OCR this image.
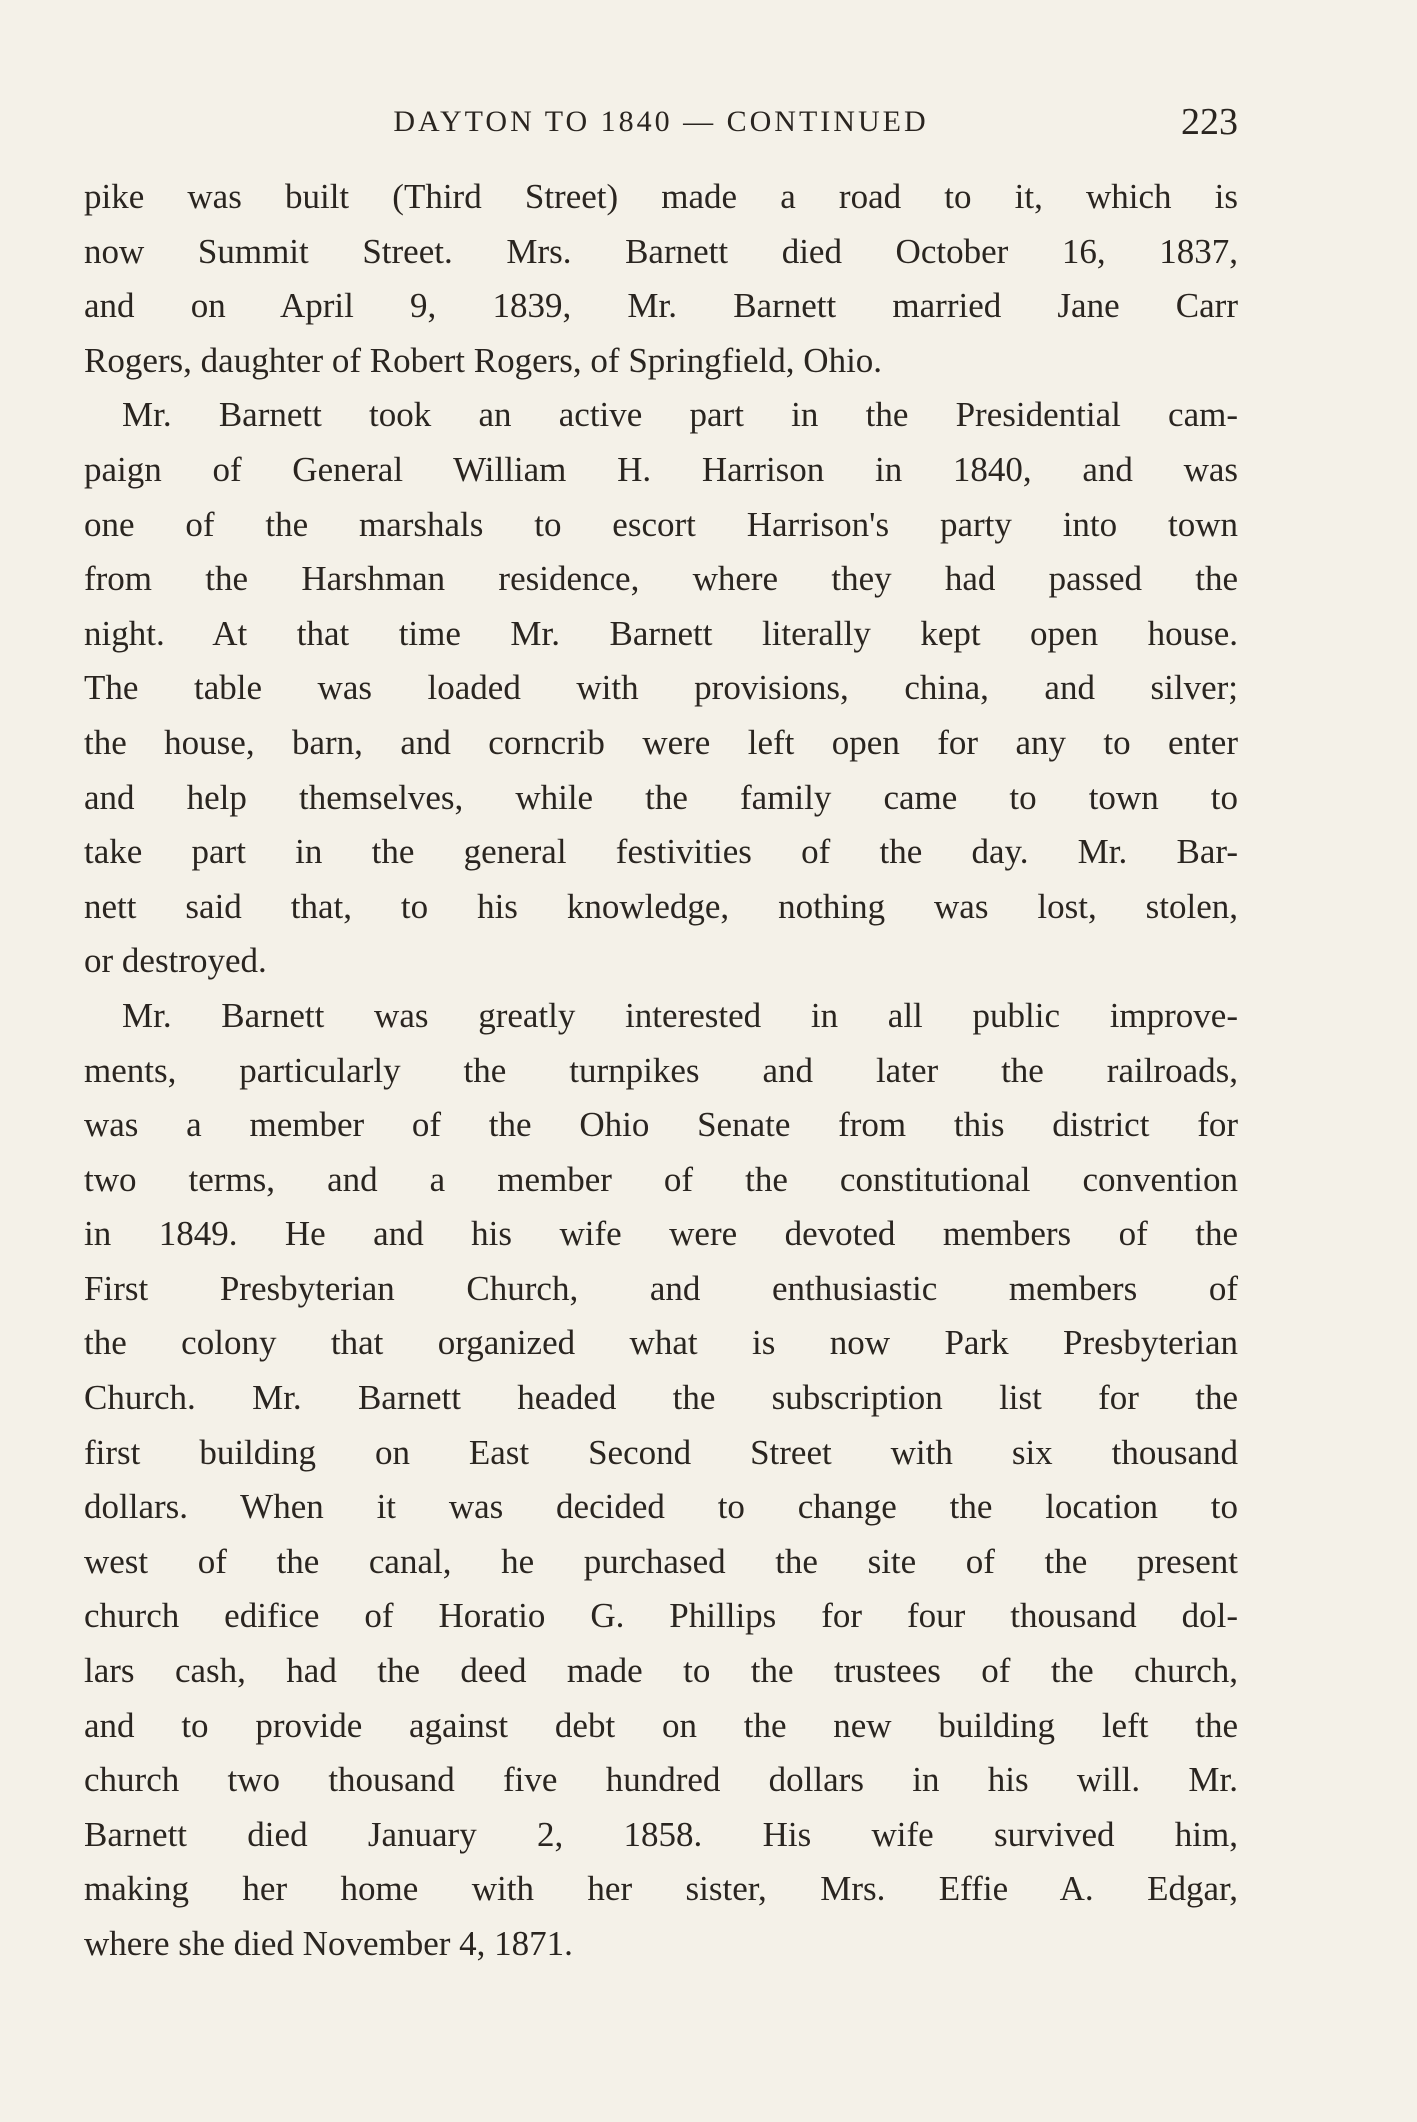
DAYTON TO 1840 — CONTINUED	223
pike was built (Third Street) made a road to it, which is
now Summit Street. Mrs. Barnett died October 16, 1837,
and on April 9, 1839, Mr. Barnett married Jane Carr
Rogers, daughter of Robert Rogers, of Springfield, Ohio.
Mr. Barnett took an active part in the Presidential cam-
paign of General William H. Harrison in 1840, and was
one of the marshals to escort Harrison's party into town
from the Harshman residence, where they had passed the
night. At that time Mr. Barnett literally kept open house.
The table was loaded with provisions, china, and silver;
the house, barn, and corncrib were left open for any to enter
and help themselves, while the family came to town to
take part in the general festivities of the day. Mr. Bar-
nett said that, to his knowledge, nothing was lost, stolen,
or destroyed.
Mr. Barnett was greatly interested in all public improve-
ments, particularly the turnpikes and later the railroads,
was a member of the Ohio Senate from this district for
two terms, and a member of the constitutional convention
in 1849. He and his wife were devoted members of the
First Presbyterian Church, and enthusiastic members of
the colony that organized what is now Park Presbyterian
Church. Mr. Barnett headed the subscription list for the
first building on East Second Street with six thousand
dollars. When it was decided to change the location to
west of the canal, he purchased the site of the present
church edifice of Horatio G. Phillips for four thousand dol-
lars cash, had the deed made to the trustees of the church,
and to provide against debt on the new building left the
church two thousand five hundred dollars in his will. Mr.
Barnett died January 2, 1858. His wife survived him,
making her home with her sister, Mrs. Effie A. Edgar,
where she died November 4, 1871.
